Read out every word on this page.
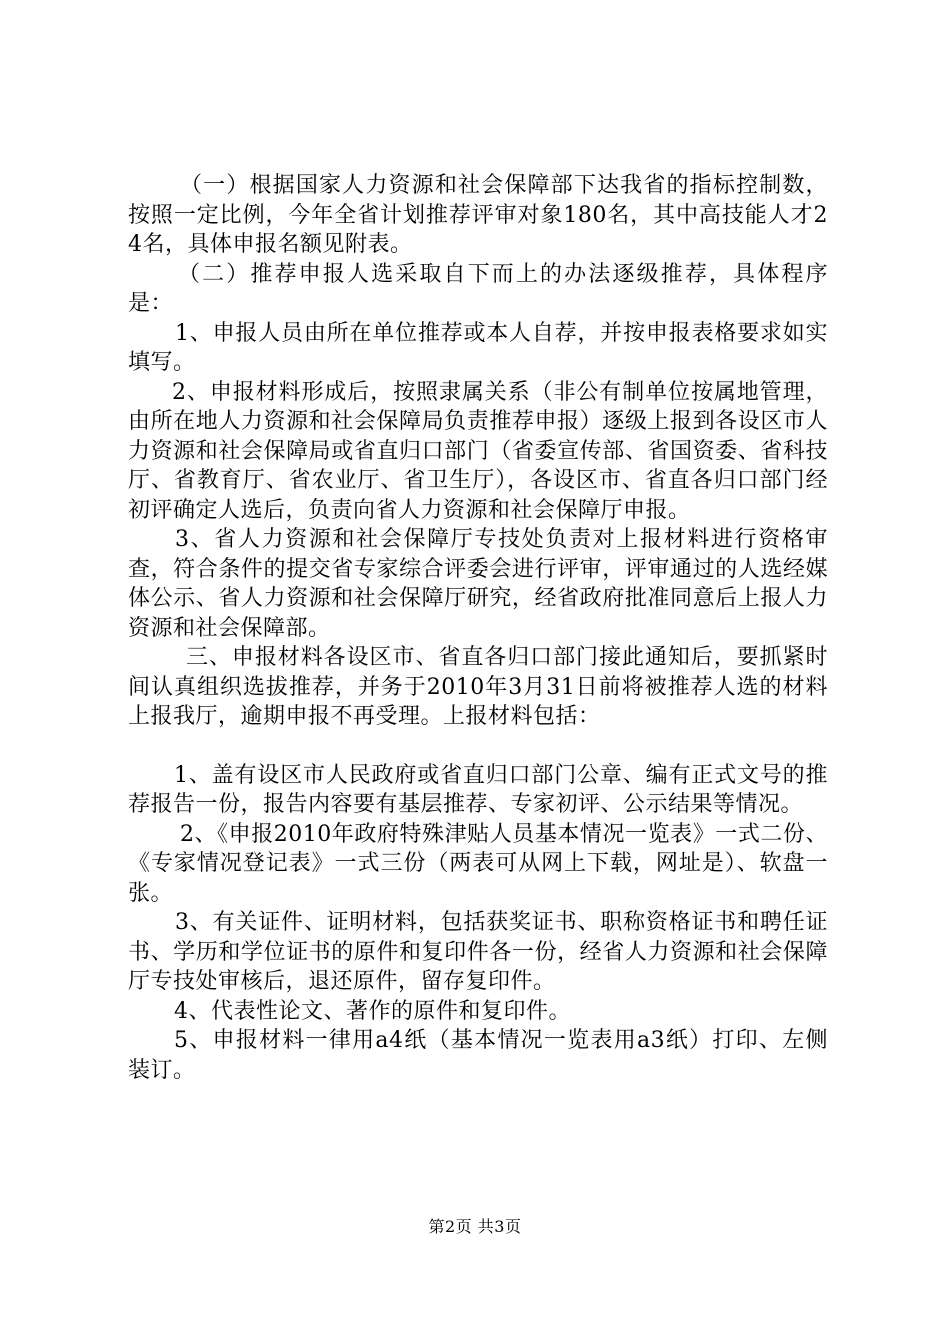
（一）根据国家人力资源和社会保障部下达我省的指标控制数，按照一定比例，今年全省计划推荐评审对象180名，其中高技能人才24名，具体申报名额见附表。

（二）推荐申报人选采取自下而上的办法逐级推荐，具体程序是：

1、申报人员由所在单位推荐或本人自荐，并按申报表格要求如实填写。

2、申报材料形成后，按照隶属关系（非公有制单位按属地管理，由所在地人力资源和社会保障局负责推荐申报）逐级上报到各设区市人力资源和社会保障局或省直归口部门（省委宣传部、省国资委、省科技厅、省教育厅、省农业厅、省卫生厅），各设区市、省直各归口部门经初评确定人选后，负责向省人力资源和社会保障厅申报。

3、省人力资源和社会保障厅专技处负责对上报材料进行资格审查，符合条件的提交省专家综合评委会进行评审，评审通过的人选经媒体公示、省人力资源和社会保障厅研究，经省政府批准同意后上报人力资源和社会保障部。

三、申报材料各设区市、省直各归口部门接此通知后，要抓紧时间认真组织选拔推荐，并务于2010年3月31日前将被推荐人选的材料上报我厅，逾期申报不再受理。上报材料包括：

1、盖有设区市人民政府或省直归口部门公章、编有正式文号的推荐报告一份，报告内容要有基层推荐、专家初评、公示结果等情况。

2、《申报2010年政府特殊津贴人员基本情况一览表》一式二份、《专家情况登记表》一式三份（两表可从网上下载，网址是）、软盘一张。

3、有关证件、证明材料，包括获奖证书、职称资格证书和聘任证书、学历和学位证书的原件和复印件各一份，经省人力资源和社会保障厅专技处审核后，退还原件，留存复印件。

4、代表性论文、著作的原件和复印件。

5、申报材料一律用a4纸（基本情况一览表用a3纸）打印、左侧装订。

第2页 共3页
